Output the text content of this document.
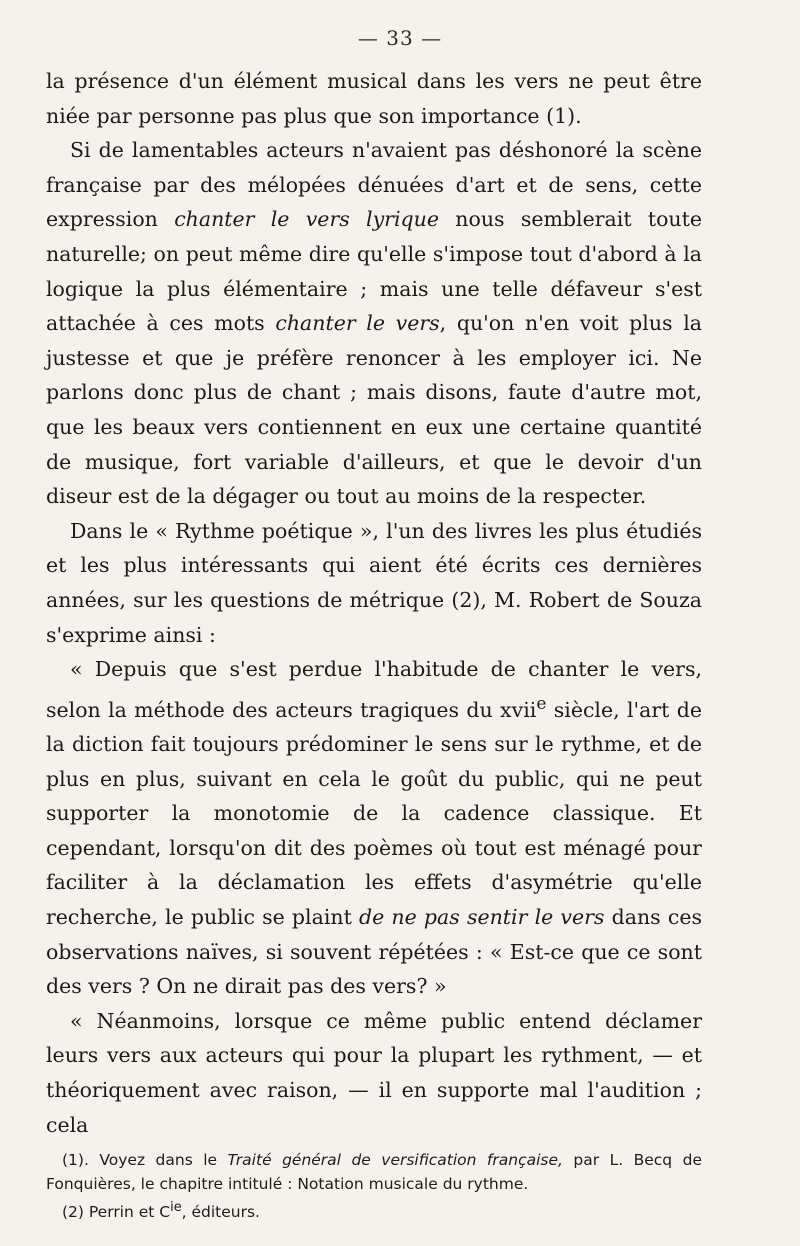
— 33 —

la présence d'un élément musical dans les vers ne peut être niée par personne pas plus que son importance (1).

Si de lamentables acteurs n'avaient pas déshonoré la scène française par des mélopées dénuées d'art et de sens, cette expression chanter le vers lyrique nous semblerait toute naturelle; on peut même dire qu'elle s'impose tout d'abord à la logique la plus élémentaire ; mais une telle défaveur s'est attachée à ces mots chanter le vers, qu'on n'en voit plus la justesse et que je préfère renoncer à les employer ici. Ne parlons donc plus de chant ; mais disons, faute d'autre mot, que les beaux vers contiennent en eux une certaine quantité de musique, fort variable d'ailleurs, et que le devoir d'un diseur est de la dégager ou tout au moins de la respecter.

Dans le « Rythme poétique », l'un des livres les plus étudiés et les plus intéressants qui aient été écrits ces dernières années, sur les questions de métrique (2), M. Robert de Souza s'exprime ainsi :

« Depuis que s'est perdue l'habitude de chanter le vers, selon la méthode des acteurs tragiques du xvii$^e$ siècle, l'art de la diction fait toujours prédominer le sens sur le rythme, et de plus en plus, suivant en cela le goût du public, qui ne peut supporter la monotomie de la cadence classique. Et cependant, lorsqu'on dit des poèmes où tout est ménagé pour faciliter à la déclamation les effets d'asymétrie qu'elle recherche, le public se plaint de ne pas sentir le vers dans ces observations naïves, si souvent répétées : « Est-ce que ce sont des vers ? On ne dirait pas des vers? »

« Néanmoins, lorsque ce même public entend déclamer leurs vers aux acteurs qui pour la plupart les rythment, — et théoriquement avec raison, — il en supporte mal l'audition ; cela

(1). Voyez dans le Traité général de versification française, par L. Becq de Fonquières, le chapitre intitulé : Notation musicale du rythme.

(2) Perrin et $C^{ie}$, éditeurs.
